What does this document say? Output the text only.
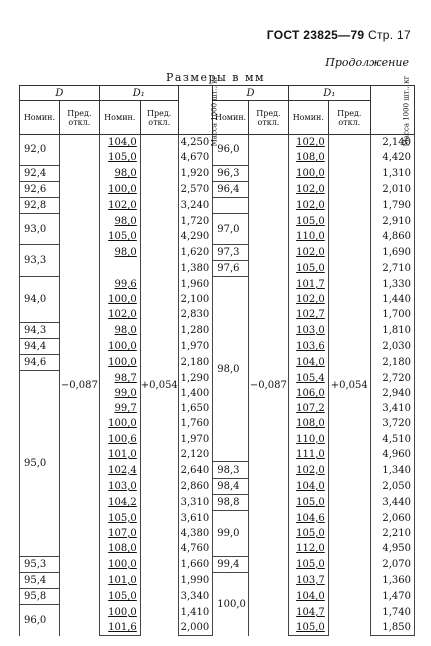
ГОСТ 23825—79 Стр. 17
Продолжение
Размеры в мм
D		D₁		Масса 1000 шт., кг	D		D₁		Масса 1000 шт., кг
Номин.	Пред. откл.	Номин.	Пред. откл.		Номин.	Пред. откл.	Номин.	Пред. откл.	
92,0	−0,087	104,0	+0,054	4,250	96,0	−0,087	102,0	+0,054	2,140
		105,0		4,670			108,0		4,420
92,4		98,0		1,920	96,3		100,0		1,310
92,6		100,0		2,570	96,4		102,0		2,010
92,8		102,0		3,240			102,0		1,790
93,0		98,0		1,720	97,0		105,0		2,910
		105,0		4,290			110,0		4,860
93,3		98,0		1,620	97,3		102,0		1,690
				1,380	97,6		105,0		2,710
94,0		99,6		1,960	98,0		101,7		1,330
		100,0		2,100			102,0		1,440
		102,0		2,830			102,7		1,700
94,3		98,0		1,280			103,0		1,810
94,4		100,0		1,970			103,6		2,030
94,6		100,0		2,180			104,0		2,180
95,0		98,7		1,290			105,4		2,720
		99,0		1,400			106,0		2,940
		99,7		1,650			107,2		3,410
		100,0		1,760			108,0		3,720
		100,6		1,970			110,0		4,510
		101,0		2,120			111,0		4,960
		102,4		2,640	98,3		102,0		1,340
		103,0		2,860	98,4		104,0		2,050
		104,2		3,310	98,8		105,0		3,440
		105,0		3,610	99,0		104,6		2,060
		107,0		4,380			105,0		2,210
		108,0		4,760			112,0		4,950
95,3		100,0		1,660	99,4		105,0		2,070
95,4		101,0		1,990	100,0		103,7		1,360
95,8		105,0		3,340			104,0		1,470
96,0		100,0		1,410			104,7		1,740
		101,6		2,000			105,0		1,850
